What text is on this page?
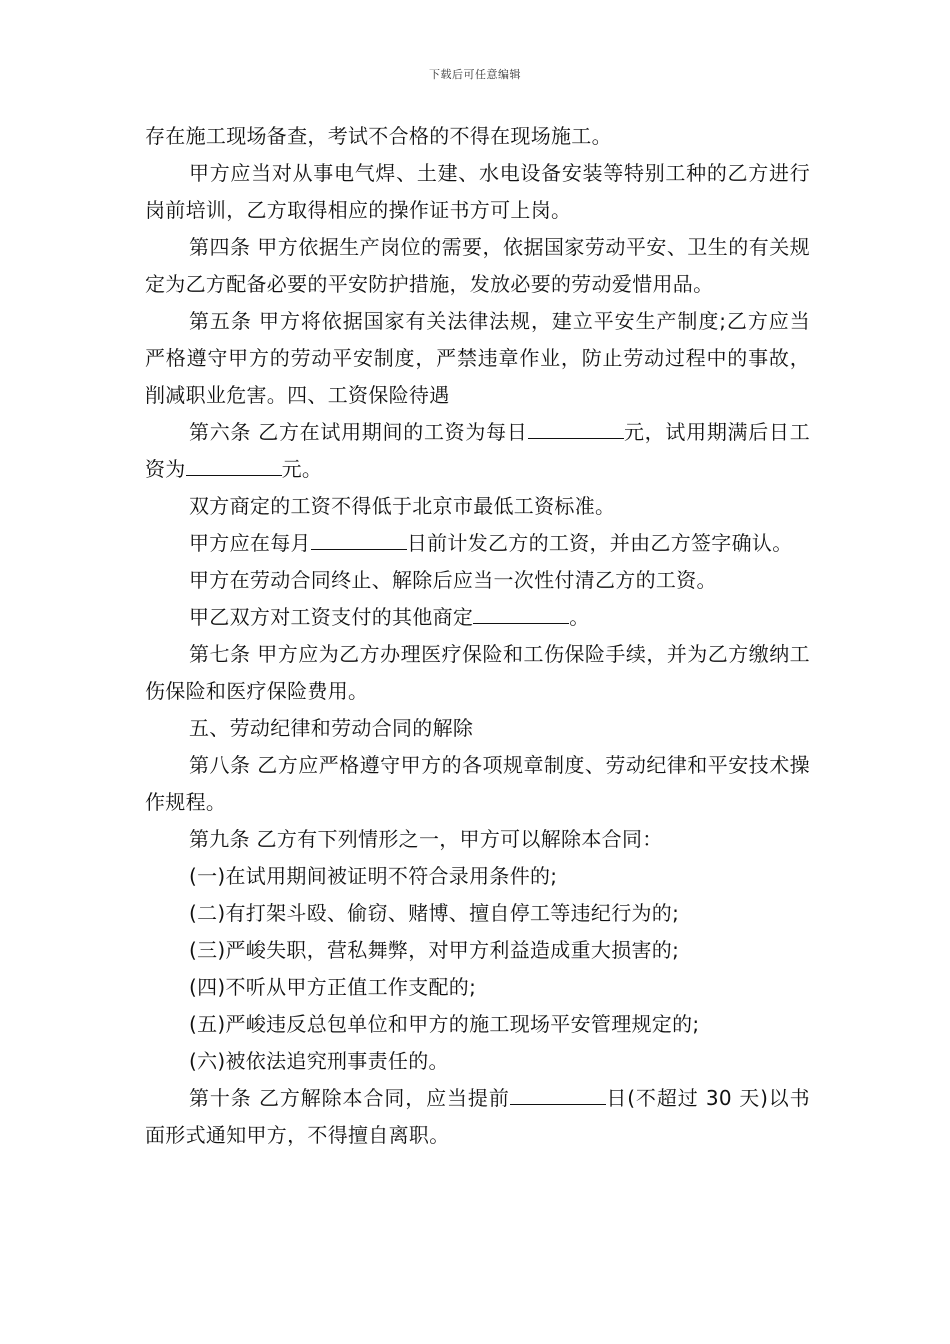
下载后可任意编辑

存在施工现场备查，考试不合格的不得在现场施工。

甲方应当对从事电气焊、土建、水电设备安装等特别工种的乙方进行岗前培训，乙方取得相应的操作证书方可上岗。

第四条 甲方依据生产岗位的需要，依据国家劳动平安、卫生的有关规定为乙方配备必要的平安防护措施，发放必要的劳动爱惜用品。

第五条 甲方将依据国家有关法律法规，建立平安生产制度;乙方应当严格遵守甲方的劳动平安制度，严禁违章作业，防止劳动过程中的事故，削减职业危害。四、工资保险待遇

第六条 乙方在试用期间的工资为每日	元，试用期满后日工资为	元。

双方商定的工资不得低于北京市最低工资标准。

甲方应在每月	日前计发乙方的工资，并由乙方签字确认。

甲方在劳动合同终止、解除后应当一次性付清乙方的工资。

甲乙双方对工资支付的其他商定	。

第七条 甲方应为乙方办理医疗保险和工伤保险手续，并为乙方缴纳工伤保险和医疗保险费用。

五、劳动纪律和劳动合同的解除

第八条 乙方应严格遵守甲方的各项规章制度、劳动纪律和平安技术操作规程。

第九条 乙方有下列情形之一，甲方可以解除本合同：

(一)在试用期间被证明不符合录用条件的;

(二)有打架斗殴、偷窃、赌博、擅自停工等违纪行为的;

(三)严峻失职，营私舞弊，对甲方利益造成重大损害的;

(四)不听从甲方正值工作支配的;

(五)严峻违反总包单位和甲方的施工现场平安管理规定的;

(六)被依法追究刑事责任的。

第十条 乙方解除本合同，应当提前	日(不超过 30 天)以书面形式通知甲方，不得擅自离职。
